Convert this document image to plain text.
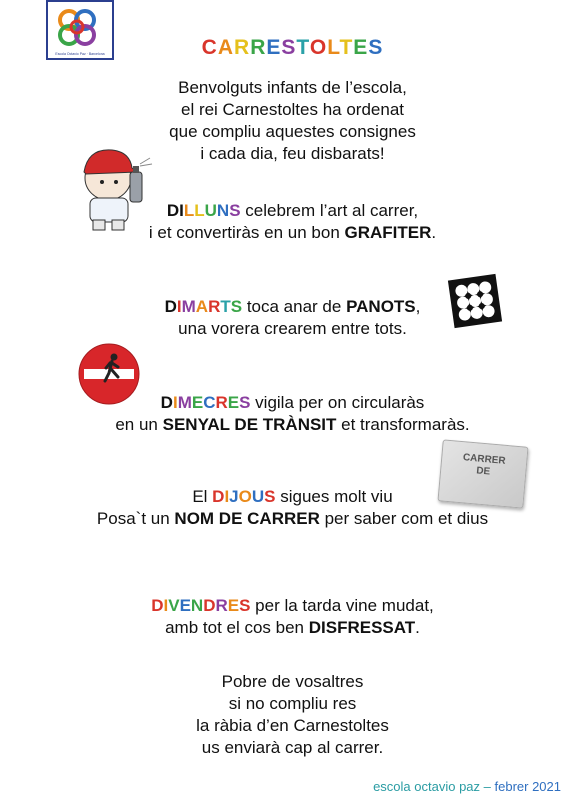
Escola Octavio Paz · Barcelona	CARRESTOLTES
Benvolguts infants de l’escola,
el rei Carnestoltes ha ordenat
que compliu aquestes consignes
i cada dia, feu disbarats!
DILLUNS celebrem l’art al carrer,
i et convertiràs en un bon GRAFITER.
DIMARTS toca anar de PANOTS,
una vorera crearem entre tots.
DIMECRES vigila per on circularàs
en un SENYAL DE TRÀNSIT et transformaràs.
CARRER
DE
El DIJOUS sigues molt viu
Posa`t un NOM DE CARRER per saber com et dius
DIVENDRES per la tarda vine mudat,
amb tot el cos ben DISFRESSAT.
Pobre de vosaltres
si no compliu res
la ràbia d’en Carnestoltes
us enviarà cap al carrer.
escola octavio paz – febrer 2021
